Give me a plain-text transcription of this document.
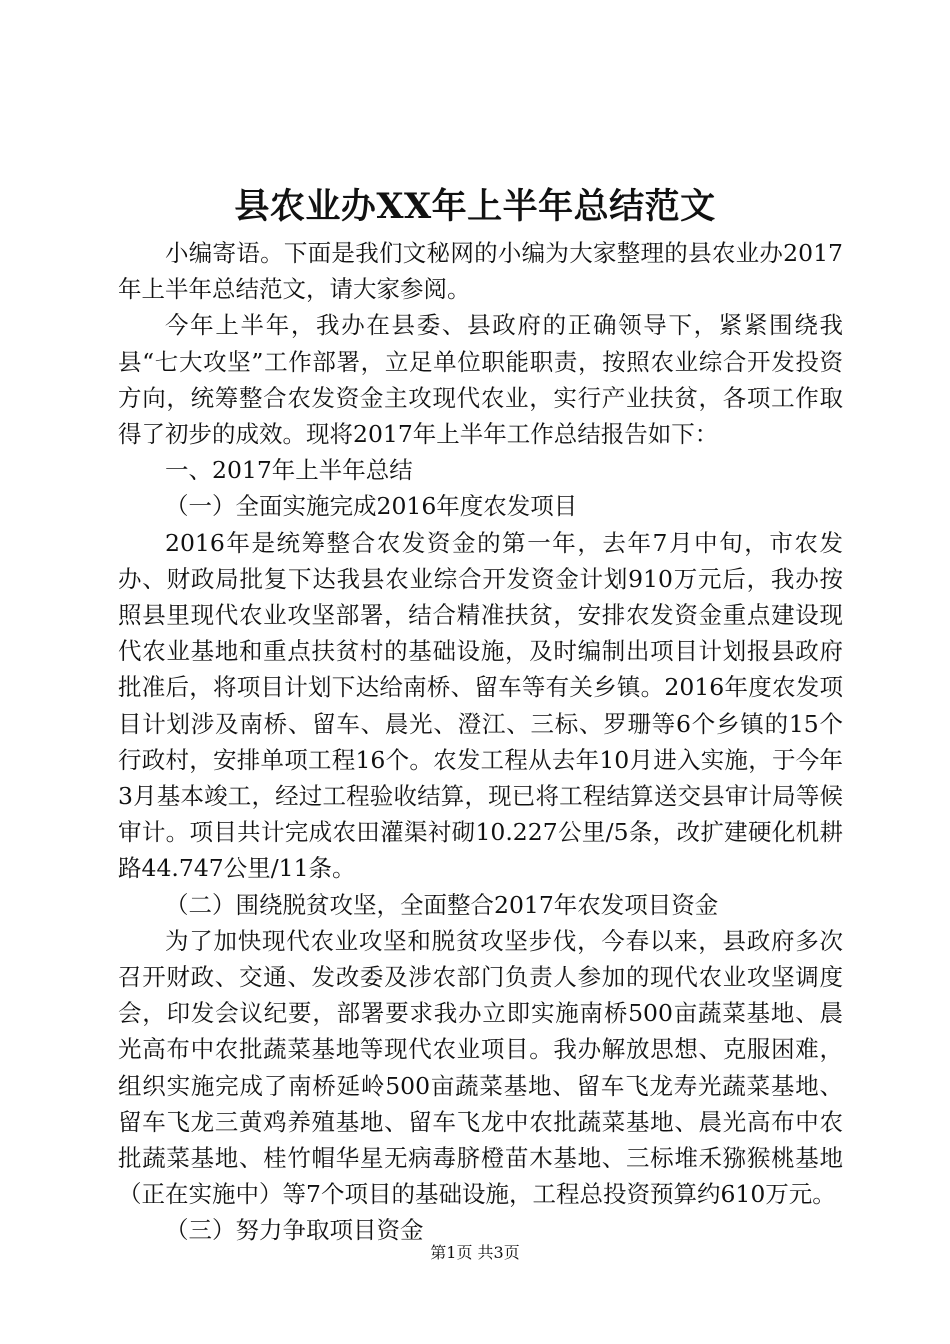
县农业办XX年上半年总结范文

小编寄语。下面是我们文秘网的小编为大家整理的县农业办2017年上半年总结范文，请大家参阅。

今年上半年，我办在县委、县政府的正确领导下，紧紧围绕我县“七大攻坚”工作部署，立足单位职能职责，按照农业综合开发投资方向，统筹整合农发资金主攻现代农业，实行产业扶贫，各项工作取得了初步的成效。现将2017年上半年工作总结报告如下：

一、2017年上半年总结

（一）全面实施完成2016年度农发项目

2016年是统筹整合农发资金的第一年，去年7月中旬，市农发办、财政局批复下达我县农业综合开发资金计划910万元后，我办按照县里现代农业攻坚部署，结合精准扶贫，安排农发资金重点建设现代农业基地和重点扶贫村的基础设施，及时编制出项目计划报县政府批准后，将项目计划下达给南桥、留车等有关乡镇。2016年度农发项目计划涉及南桥、留车、晨光、澄江、三标、罗珊等6个乡镇的15个行政村，安排单项工程16个。农发工程从去年10月进入实施，于今年3月基本竣工，经过工程验收结算，现已将工程结算送交县审计局等候审计。项目共计完成农田灌渠衬砌10.227公里/5条，改扩建硬化机耕路44.747公里/11条。

（二）围绕脱贫攻坚，全面整合2017年农发项目资金

为了加快现代农业攻坚和脱贫攻坚步伐，今春以来，县政府多次召开财政、交通、发改委及涉农部门负责人参加的现代农业攻坚调度会，印发会议纪要，部署要求我办立即实施南桥500亩蔬菜基地、晨光高布中农批蔬菜基地等现代农业项目。我办解放思想、克服困难，组织实施完成了南桥延岭500亩蔬菜基地、留车飞龙寿光蔬菜基地、留车飞龙三黄鸡养殖基地、留车飞龙中农批蔬菜基地、晨光高布中农批蔬菜基地、桂竹帽华星无病毒脐橙苗木基地、三标堆禾猕猴桃基地（正在实施中）等7个项目的基础设施，工程总投资预算约610万元。

（三）努力争取项目资金

第1页 共3页
